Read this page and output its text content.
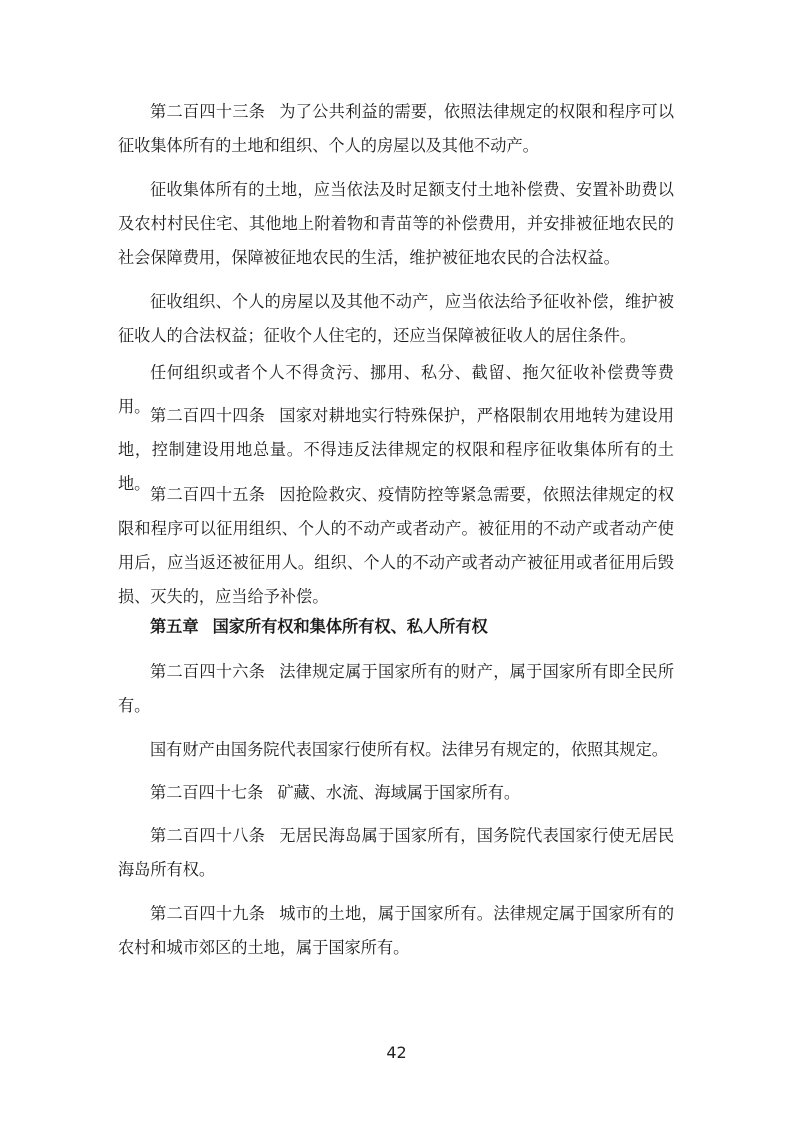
第二百四十三条 为了公共利益的需要，依照法律规定的权限和程序可以征收集体所有的土地和组织、个人的房屋以及其他不动产。

征收集体所有的土地，应当依法及时足额支付土地补偿费、安置补助费以及农村村民住宅、其他地上附着物和青苗等的补偿费用，并安排被征地农民的社会保障费用，保障被征地农民的生活，维护被征地农民的合法权益。

征收组织、个人的房屋以及其他不动产，应当依法给予征收补偿，维护被征收人的合法权益；征收个人住宅的，还应当保障被征收人的居住条件。

任何组织或者个人不得贪污、挪用、私分、截留、拖欠征收补偿费等费用。 第二百四十四条 国家对耕地实行特殊保护，严格限制农用地转为建设用地，控制建设用地总量。不得违反法律规定的权限和程序征收集体所有的土地。

第二百四十五条 因抢险救灾、疫情防控等紧急需要，依照法律规定的权限和程序可以征用组织、个人的不动产或者动产。被征用的不动产或者动产使用后，应当返还被征用人。组织、个人的不动产或者动产被征用或者征用后毁损、灭失的，应当给予补偿。

第五章 国家所有权和集体所有权、私人所有权

第二百四十六条 法律规定属于国家所有的财产，属于国家所有即全民所有。

国有财产由国务院代表国家行使所有权。法律另有规定的，依照其规定。

第二百四十七条 矿藏、水流、海域属于国家所有。

第二百四十八条 无居民海岛属于国家所有，国务院代表国家行使无居民海岛所有权。

第二百四十九条 城市的土地，属于国家所有。法律规定属于国家所有的农村和城市郊区的土地，属于国家所有。

42
